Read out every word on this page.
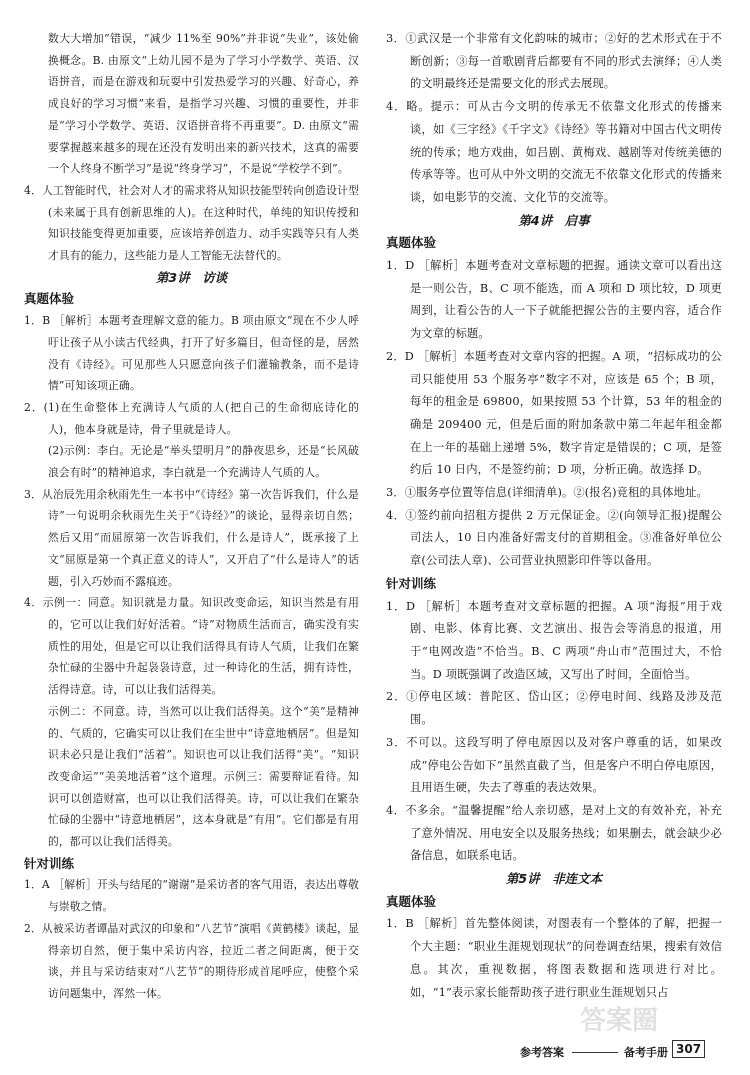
数大大增加”错误，“减少 11%至 90%”并非说“失业”，该处偷换概念。B. 由原文“上幼儿园不是为了学习小学数学、英语、汉语拼音，而是在游戏和玩耍中引发热爱学习的兴趣、好奇心，养成良好的学习习惯”来看，是指学习兴趣、习惯的重要性，并非是“学习小学数学、英语、汉语拼音将不再重要”。D. 由原文“需要掌握越来越多的现在还没有发明出来的新兴技术，这真的需要一个人终身不断学习”是说“终身学习”，不是说“学校学不到”。

4．人工智能时代，社会对人才的需求将从知识技能型转向创造设计型(未来属于具有创新思维的人)。在这种时代，单纯的知识传授和知识技能变得更加重要，应该培养创造力、动手实践等只有人类才具有的能力，这些能力是人工智能无法替代的。

第3讲　访谈

真题体验

1．B ［解析］本题考查理解文意的能力。B 项由原文“现在不少人呼吁让孩子从小读古代经典，打开了好多篇目，但奇怪的是，居然没有《诗经》。可见那些人只愿意向孩子们灌输教条，而不是诗情”可知该项正确。

2．(1)在生命整体上充满诗人气质的人(把自己的生命彻底诗化的人)，他本身就是诗，骨子里就是诗人。

(2)示例：李白。无论是“举头望明月”的静夜思乡，还是“长风破浪会有时”的精神追求，李白就是一个充满诗人气质的人。

3．从治辰先用余秋雨先生一本书中“《诗经》第一次告诉我们，什么是诗”一句说明余秋雨先生关于“《诗经》”的谈论，显得亲切自然；然后又用“而屈原第一次告诉我们，什么是诗人”，既承接了上文“屈原是第一个真正意义的诗人”，又开启了“什么是诗人”的话题，引入巧妙而不露痕迹。

4．示例一：同意。知识就是力量。知识改变命运，知识当然是有用的，它可以让我们好好活着。“诗”对物质生活而言，确实没有实质性的用处，但是它可以让我们活得具有诗人气质，让我们在繁杂忙碌的尘器中升起袅袅诗意，过一种诗化的生活，拥有诗性，活得诗意。诗，可以让我们活得美。

示例二：不同意。诗，当然可以让我们活得美。这个“美”是精神的、气质的，它确实可以让我们在尘世中“诗意地栖居”。但是知识未必只是让我们“活着”。知识也可以让我们活得“美”。“知识改变命运”“美美地活着”这个道理。示例三：需要辩证看待。知识可以创造财富，也可以让我们活得美。诗，可以让我们在繁杂忙碌的尘器中“诗意地栖居”，这本身就是“有用”。它们都是有用的，都可以让我们活得美。

针对训练

1．A ［解析］开头与结尾的“谢谢”是采访者的客气用语，表达出尊敬与崇敬之情。

2．从被采访者谭晶对武汉的印象和“八艺节”演唱《黄鹤楼》谈起，显得亲切自然，便于集中采访内容，拉近二者之间距离，便于交谈，并且与采访结束对“八艺节”的期待形成首尾呼应，使整个采访问题集中，浑然一体。

3．①武汉是一个非常有文化韵味的城市；②好的艺术形式在于不断创新；③每一首歌剧背后都要有不同的形式去演绎；④人类的文明最终还是需要文化的形式去展现。

4．略。提示：可从古今文明的传承无不依靠文化形式的传播来谈，如《三字经》《千字文》《诗经》等书籍对中国古代文明传统的传承；地方戏曲，如吕剧、黄梅戏、越剧等对传统美德的传承等等。也可从中外文明的交流无不依靠文化形式的传播来谈，如电影节的交流、文化节的交流等。

第4讲　启事

真题体验

1．D ［解析］本题考查对文章标题的把握。通读文章可以看出这是一则公告，B、C 项不能选，而 A 项和 D 项比较，D 项更周到，让看公告的人一下子就能把握公告的主要内容，适合作为文章的标题。

2．D ［解析］本题考查对文章内容的把握。A 项，“招标成功的公司只能使用 53 个服务亭”数字不对，应该是 65 个；B 项，每年的租金是 69800，如果按照 53 个计算，53 年的租金的确是 209400 元，但是后面的附加条款中第二年起年租金都在上一年的基础上递增 5%，数字肯定是错误的；C 项，是签约后 10 日内，不是签约前；D 项，分析正确。故选择 D。

3．①服务亭位置等信息(详细清单)。②(报名)竞租的具体地址。

4．①签约前向招租方提供 2 万元保证金。②(向领导汇报)提醒公司法人，10 日内准备好需支付的首期租金。③准备好单位公章(公司法人章)、公司营业执照影印件等以备用。

针对训练

1．D ［解析］本题考查对文章标题的把握。A 项“海报”用于戏剧、电影、体育比赛、文艺演出、报告会等消息的报道，用于“电网改造”不恰当。B、C 两项“舟山市”范围过大，不恰当。D 项既强调了改造区域，又写出了时间，全面恰当。

2．①停电区域：普陀区、岱山区；②停电时间、线路及涉及范围。

3．不可以。这段写明了停电原因以及对客户尊重的话，如果改成“停电公告如下”虽然直截了当，但是客户不明白停电原因，且用语生硬，失去了尊重的表达效果。

4．不多余。“温馨提醒”给人亲切感，是对上文的有效补充，补充了意外情况、用电安全以及服务热线；如果删去，就会缺少必备信息，如联系电话。

第5讲　非连文本

真题体验

1．B ［解析］首先整体阅读，对图表有一个整体的了解，把握一个大主题：“职业生涯规划现状”的问卷调查结果，搜索有效信息。其次，重视数据，将图表数据和选项进行对比。如，“1”表示家长能帮助孩子进行职业生涯规划只占

参考答案	备考手册 307
答案圈
